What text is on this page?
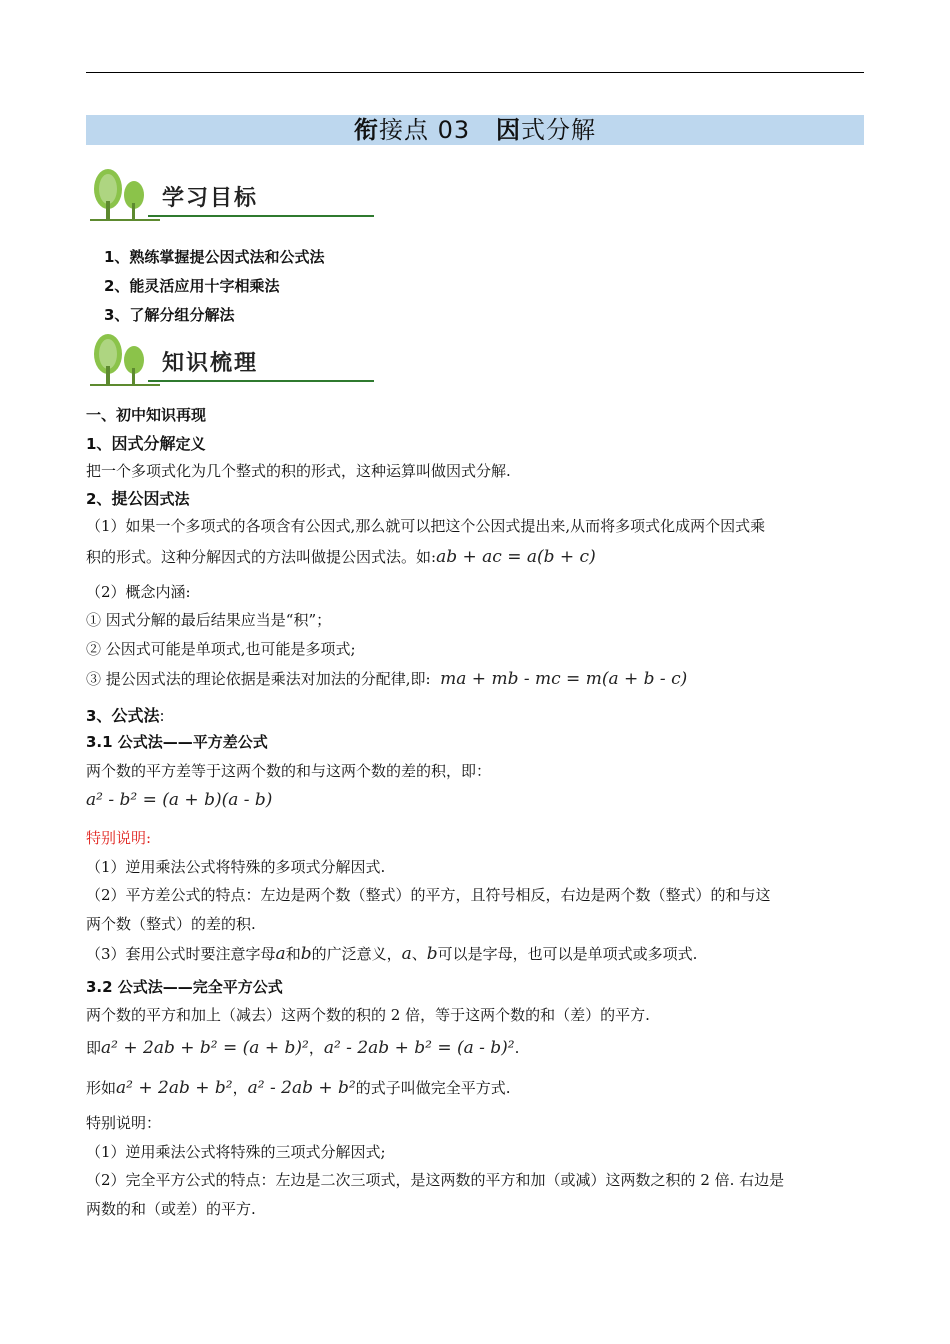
衔接点 03 因式分解
学习目标
1、熟练掌握提公因式法和公式法
2、能灵活应用十字相乘法
3、了解分组分解法
知识梳理
一、初中知识再现
1、因式分解定义
把一个多项式化为几个整式的积的形式，这种运算叫做因式分解.
2、提公因式法
（1）如果一个多项式的各项含有公因式,那么就可以把这个公因式提出来,从而将多项式化成两个因式乘
积的形式。这种分解因式的方法叫做提公因式法。如:ab + ac = a(b + c)
（2）概念内涵:
① 因式分解的最后结果应当是“积”；
② 公因式可能是单项式,也可能是多项式;
③ 提公因式法的理论依据是乘法对加法的分配律,即: ma + mb - mc = m(a + b - c)
3、公式法:
3.1 公式法——平方差公式
两个数的平方差等于这两个数的和与这两个数的差的积，即：
a² - b² = (a + b)(a - b)
特别说明:
（1）逆用乘法公式将特殊的多项式分解因式.
（2）平方差公式的特点：左边是两个数（整式）的平方，且符号相反，右边是两个数（整式）的和与这
两个数（整式）的差的积.
（3）套用公式时要注意字母a和b的广泛意义，a、b可以是字母，也可以是单项式或多项式.
3.2 公式法——完全平方公式
两个数的平方和加上（减去）这两个数的积的 2 倍，等于这两个数的和（差）的平方.
即a² + 2ab + b² = (a + b)²，a² - 2ab + b² = (a - b)².
形如a² + 2ab + b²，a² - 2ab + b²的式子叫做完全平方式.
特别说明：
（1）逆用乘法公式将特殊的三项式分解因式;
（2）完全平方公式的特点：左边是二次三项式，是这两数的平方和加（或减）这两数之积的 2 倍. 右边是
两数的和（或差）的平方.
